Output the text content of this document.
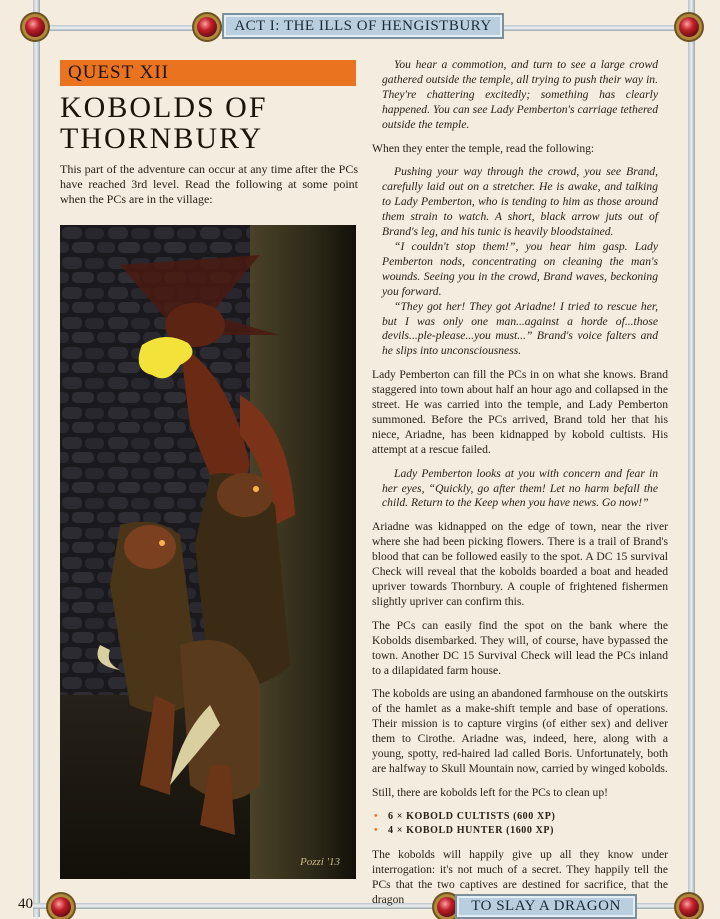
ACT I: THE ILLS OF HENGISTBURY
TO SLAY A DRAGON
40
QUEST XII
KOBOLDS OF
THORNBURY
This part of the adventure can occur at any time after the PCs have reached 3rd level. Read the following at some point when the PCs are in the village:
Pozzi '13

You hear a commotion, and turn to see a large crowd gathered outside the temple, all trying to push their way in. They're chattering excitedly; something has clearly happened. You can see Lady Pemberton's carriage tethered outside the temple.

When they enter the temple, read the following:

Pushing your way through the crowd, you see Brand, carefully laid out on a stretcher. He is awake, and talking to Lady Pemberton, who is tending to him as those around them strain to watch. A short, black arrow juts out of Brand's leg, and his tunic is heavily bloodstained.

“I couldn't stop them!”, you hear him gasp. Lady Pemberton nods, concentrating on cleaning the man's wounds. Seeing you in the crowd, Brand waves, beckoning you forward.

“They got her! They got Ariadne! I tried to rescue her, but I was only one man...against a horde of...those devils...ple-please...you must...” Brand's voice falters and he slips into unconsciousness.

Lady Pemberton can fill the PCs in on what she knows. Brand staggered into town about half an hour ago and collapsed in the street. He was carried into the temple, and Lady Pemberton summoned. Before the PCs arrived, Brand told her that his niece, Ariadne, has been kidnapped by kobold cultists. His attempt at a rescue failed.

Lady Pemberton looks at you with concern and fear in her eyes, “Quickly, go after them! Let no harm befall the child. Return to the Keep when you have news. Go now!”

Ariadne was kidnapped on the edge of town, near the river where she had been picking flowers. There is a trail of Brand's blood that can be followed easily to the spot. A DC 15 survival Check will reveal that the kobolds boarded a boat and headed upriver towards Thornbury. A couple of frightened fishermen slightly upriver can confirm this.

The PCs can easily find the spot on the bank where the Kobolds disembarked. They will, of course, have bypassed the town. Another DC 15 Survival Check will lead the PCs inland to a dilapidated farm house.

The kobolds are using an abandoned farmhouse on the outskirts of the hamlet as a make-shift temple and base of operations. Their mission is to capture virgins (of either sex) and deliver them to Cirothe. Ariadne was, indeed, here, along with a young, spotty, red-haired lad called Boris. Unfortunately, both are halfway to Skull Mountain now, carried by winged kobolds.

Still, there are kobolds left for the PCs to clean up!

• 6 × KOBOLD CULTISTS (600 XP)
• 4 × KOBOLD HUNTER (1600 XP)

The kobolds will happily give up all they know under interrogation: it's not much of a secret. They happily tell the PCs that the two captives are destined for sacrifice, that the dragon
